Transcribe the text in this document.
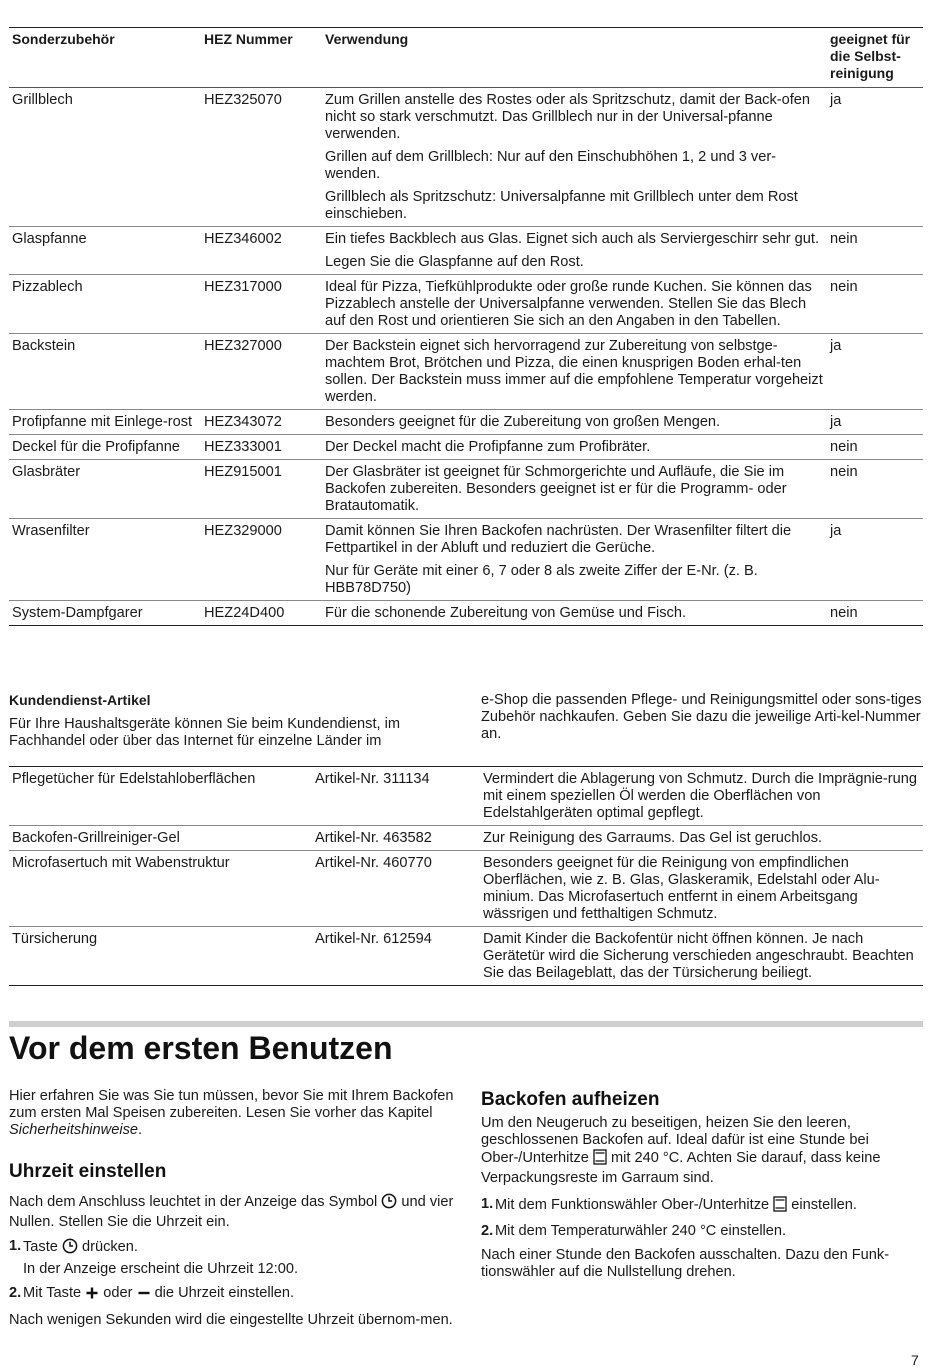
Sonderzubehör	HEZ Nummer	Verwendung	geeignet für
die Selbst-
reinigung
Grillblech	HEZ325070	Zum Grillen anstelle des Rostes oder als Spritzschutz, damit der Back-ofen nicht so stark verschmutzt. Das Grillblech nur in der Universal-pfanne verwenden.

Grillen auf dem Grillblech: Nur auf den Einschubhöhen 1, 2 und 3 ver-wenden.

Grillblech als Spritzschutz: Universalpfanne mit Grillblech unter dem Rost einschieben.

ja
Glaspfanne	HEZ346002	Ein tiefes Backblech aus Glas. Eignet sich auch als Serviergeschirr sehr gut.

Legen Sie die Glaspfanne auf den Rost.

nein
Pizzablech	HEZ317000	Ideal für Pizza, Tiefkühlprodukte oder große runde Kuchen. Sie können das Pizzablech anstelle der Universalpfanne verwenden. Stellen Sie das Blech auf den Rost und orientieren Sie sich an den Angaben in den Tabellen.

nein
Backstein	HEZ327000	Der Backstein eignet sich hervorragend zur Zubereitung von selbstge-machtem Brot, Brötchen und Pizza, die einen knusprigen Boden erhal-ten sollen. Der Backstein muss immer auf die empfohlene Temperatur vorgeheizt werden.

ja
Profipfanne mit Einlege-rost HEZ343072	Besonders geeignet für die Zubereitung von großen Mengen.	ja
Deckel für die Profipfanne	HEZ333001	Der Deckel macht die Profipfanne zum Profibräter.	nein
Glasbräter	HEZ915001	Der Glasbräter ist geeignet für Schmorgerichte und Aufläufe, die Sie im Backofen zubereiten. Besonders geeignet ist er für die Programm- oder Bratautomatik.

nein
Wrasenfilter	HEZ329000	Damit können Sie Ihren Backofen nachrüsten. Der Wrasenfilter filtert die Fettpartikel in der Abluft und reduziert die Gerüche.

Nur für Geräte mit einer 6, 7 oder 8 als zweite Ziffer der E-Nr. (z. B. HBB78D750)

ja
System-Dampfgarer	HEZ24D400	Für die schonende Zubereitung von Gemüse und Fisch.	nein
Kundendienst-Artikel
Für Ihre Haushaltsgeräte können Sie beim Kundendienst, im Fachhandel oder über das Internet für einzelne Länder im
e-Shop die passenden Pflege- und Reinigungsmittel oder sons-tiges Zubehör nachkaufen. Geben Sie dazu die jeweilige Arti-kel-Nummer an.
Pflegetücher für Edelstahloberflächen	Artikel-Nr. 311134	Vermindert die Ablagerung von Schmutz. Durch die Imprägnie-rung mit einem speziellen Öl werden die Oberflächen von Edelstahlgeräten optimal gepflegt.
Backofen-Grillreiniger-Gel	Artikel-Nr. 463582	Zur Reinigung des Garraums. Das Gel ist geruchlos.
Microfasertuch mit Wabenstruktur	Artikel-Nr. 460770	Besonders geeignet für die Reinigung von empfindlichen Oberflächen, wie z. B. Glas, Glaskeramik, Edelstahl oder Alu-minium. Das Microfasertuch entfernt in einem Arbeitsgang wässrigen und fetthaltigen Schmutz.
Türsicherung	Artikel-Nr. 612594	Damit Kinder die Backofentür nicht öffnen können. Je nach Gerätetür wird die Sicherung verschieden angeschraubt. Beachten Sie das Beilageblatt, das der Türsicherung beiliegt.
Vor dem ersten Benutzen

Hier erfahren Sie was Sie tun müssen, bevor Sie mit Ihrem Backofen zum ersten Mal Speisen zubereiten. Lesen Sie vorher das Kapitel Sicherheitshinweise.

Uhrzeit einstellen

Nach dem Anschluss leuchtet in der Anzeige das Symbol  und vier Nullen. Stellen Sie die Uhrzeit ein.

1. Taste  drücken.
In der Anzeige erscheint die Uhrzeit 12:00.
2. Mit Taste  oder  die Uhrzeit einstellen.

Nach wenigen Sekunden wird die eingestellte Uhrzeit übernom-men.

Backofen aufheizen

Um den Neugeruch zu beseitigen, heizen Sie den leeren, geschlossenen Backofen auf. Ideal dafür ist eine Stunde bei Ober-/Unterhitze  mit 240 °C. Achten Sie darauf, dass keine Verpackungsreste im Garraum sind.

1. Mit dem Funktionswähler Ober-/Unterhitze  einstellen.
2. Mit dem Temperaturwähler 240 °C einstellen.

Nach einer Stunde den Backofen ausschalten. Dazu den Funk-tionswähler auf die Nullstellung drehen.

7
